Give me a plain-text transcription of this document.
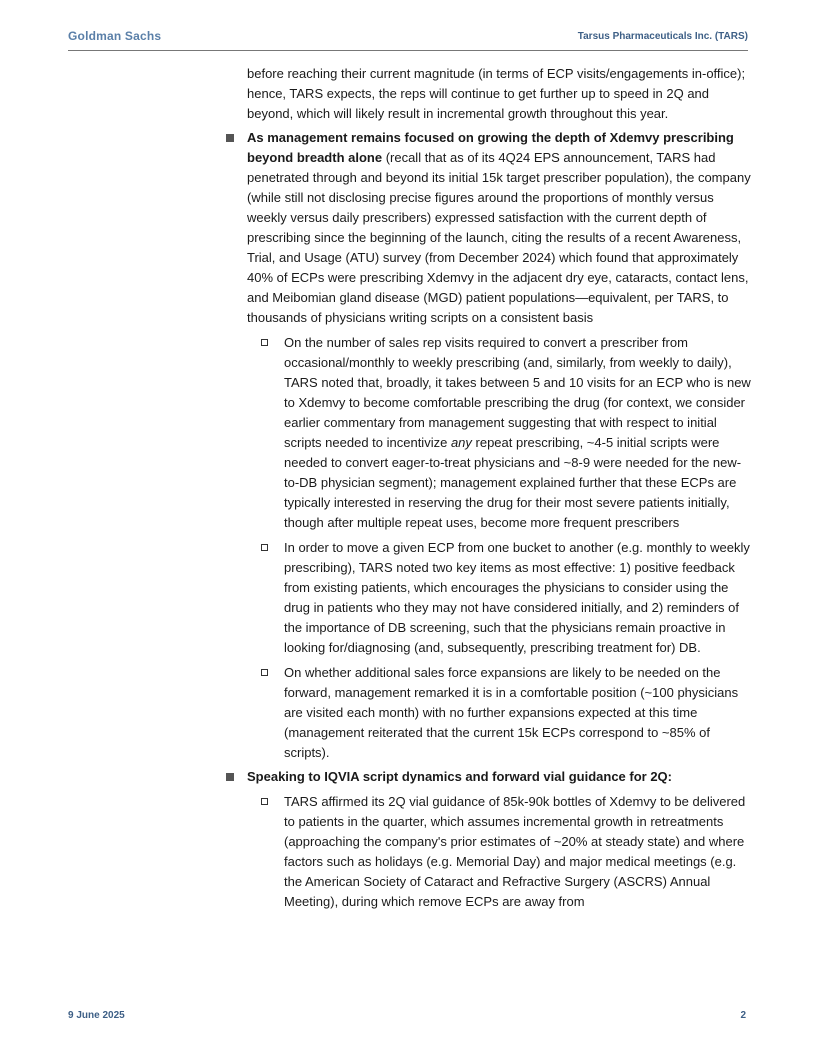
Goldman Sachs	Tarsus Pharmaceuticals Inc. (TARS)

before reaching their current magnitude (in terms of ECP visits/engagements in-office); hence, TARS expects, the reps will continue to get further up to speed in 2Q and beyond, which will likely result in incremental growth throughout this year.

As management remains focused on growing the depth of Xdemvy prescribing beyond breadth alone (recall that as of its 4Q24 EPS announcement, TARS had penetrated through and beyond its initial 15k target prescriber population), the company (while still not disclosing precise figures around the proportions of monthly versus weekly versus daily prescribers) expressed satisfaction with the current depth of prescribing since the beginning of the launch, citing the results of a recent Awareness, Trial, and Usage (ATU) survey (from December 2024) which found that approximately 40% of ECPs were prescribing Xdemvy in the adjacent dry eye, cataracts, contact lens, and Meibomian gland disease (MGD) patient populations—equivalent, per TARS, to thousands of physicians writing scripts on a consistent basis
On the number of sales rep visits required to convert a prescriber from occasional/monthly to weekly prescribing (and, similarly, from weekly to daily), TARS noted that, broadly, it takes between 5 and 10 visits for an ECP who is new to Xdemvy to become comfortable prescribing the drug (for context, we consider earlier commentary from management suggesting that with respect to initial scripts needed to incentivize any repeat prescribing, ~4-5 initial scripts were needed to convert eager-to-treat physicians and ~8-9 were needed for the new-to-DB physician segment); management explained further that these ECPs are typically interested in reserving the drug for their most severe patients initially, though after multiple repeat uses, become more frequent prescribers
In order to move a given ECP from one bucket to another (e.g. monthly to weekly prescribing), TARS noted two key items as most effective: 1) positive feedback from existing patients, which encourages the physicians to consider using the drug in patients who they may not have considered initially, and 2) reminders of the importance of DB screening, such that the physicians remain proactive in looking for/diagnosing (and, subsequently, prescribing treatment for) DB.
On whether additional sales force expansions are likely to be needed on the forward, management remarked it is in a comfortable position (~100 physicians are visited each month) with no further expansions expected at this time (management reiterated that the current 15k ECPs correspond to ~85% of scripts).
Speaking to IQVIA script dynamics and forward vial guidance for 2Q:
TARS affirmed its 2Q vial guidance of 85k-90k bottles of Xdemvy to be delivered to patients in the quarter, which assumes incremental growth in retreatments (approaching the company's prior estimates of ~20% at steady state) and where factors such as holidays (e.g. Memorial Day) and major medical meetings (e.g. the American Society of Cataract and Refractive Surgery (ASCRS) Annual Meeting), during which remove ECPs are away from
9 June 2025	2
